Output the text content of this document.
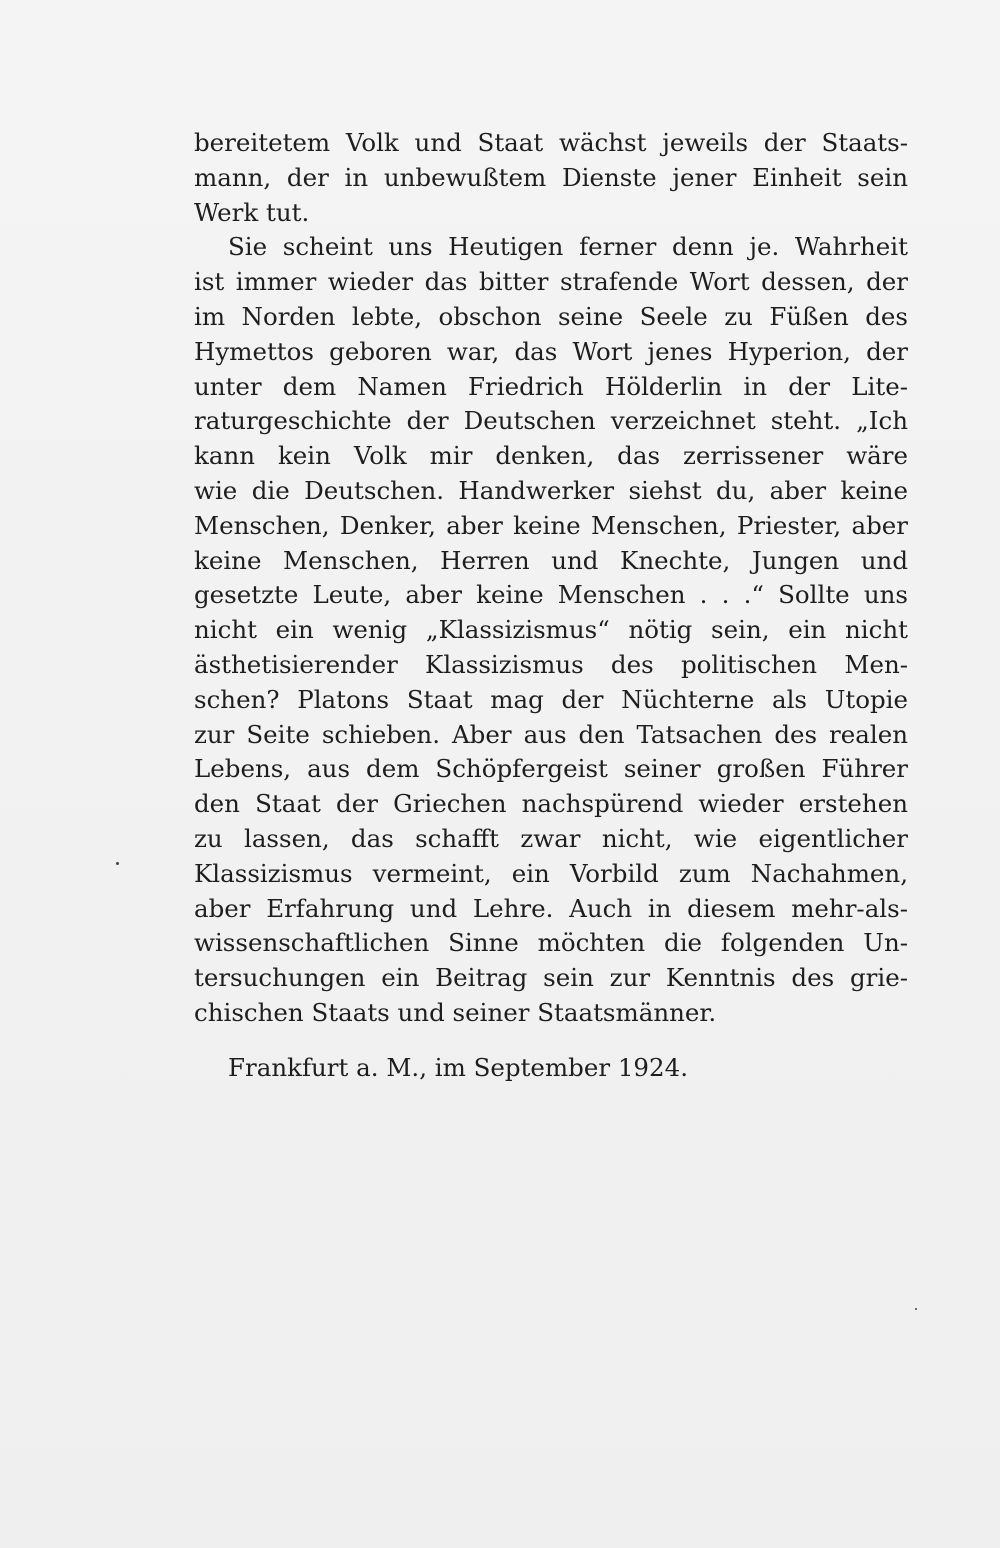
bereitetem Volk und Staat wächst jeweils der Staats-
mann, der in unbewußtem Dienste jener Einheit sein
Werk tut.
Sie scheint uns Heutigen ferner denn je. Wahrheit
ist immer wieder das bitter strafende Wort dessen, der
im Norden lebte, obschon seine Seele zu Füßen des
Hymettos geboren war, das Wort jenes Hyperion, der
unter dem Namen Friedrich Hölderlin in der Lite-
raturgeschichte der Deutschen verzeichnet steht. „Ich
kann kein Volk mir denken, das zerrissener wäre
wie die Deutschen. Handwerker siehst du, aber keine
Menschen, Denker, aber keine Menschen, Priester, aber
keine Menschen, Herren und Knechte, Jungen und
gesetzte Leute, aber keine Menschen . . .“ Sollte uns
nicht ein wenig „Klassizismus“ nötig sein, ein nicht
ästhetisierender Klassizismus des politischen Men-
schen? Platons Staat mag der Nüchterne als Utopie
zur Seite schieben. Aber aus den Tatsachen des realen
Lebens, aus dem Schöpfergeist seiner großen Führer
den Staat der Griechen nachspürend wieder erstehen
zu lassen, das schafft zwar nicht, wie eigentlicher
Klassizismus vermeint, ein Vorbild zum Nachahmen,
aber Erfahrung und Lehre. Auch in diesem mehr-als-
wissenschaftlichen Sinne möchten die folgenden Un-
tersuchungen ein Beitrag sein zur Kenntnis des grie-
chischen Staats und seiner Staatsmänner.
Frankfurt a. M., im September 1924.
